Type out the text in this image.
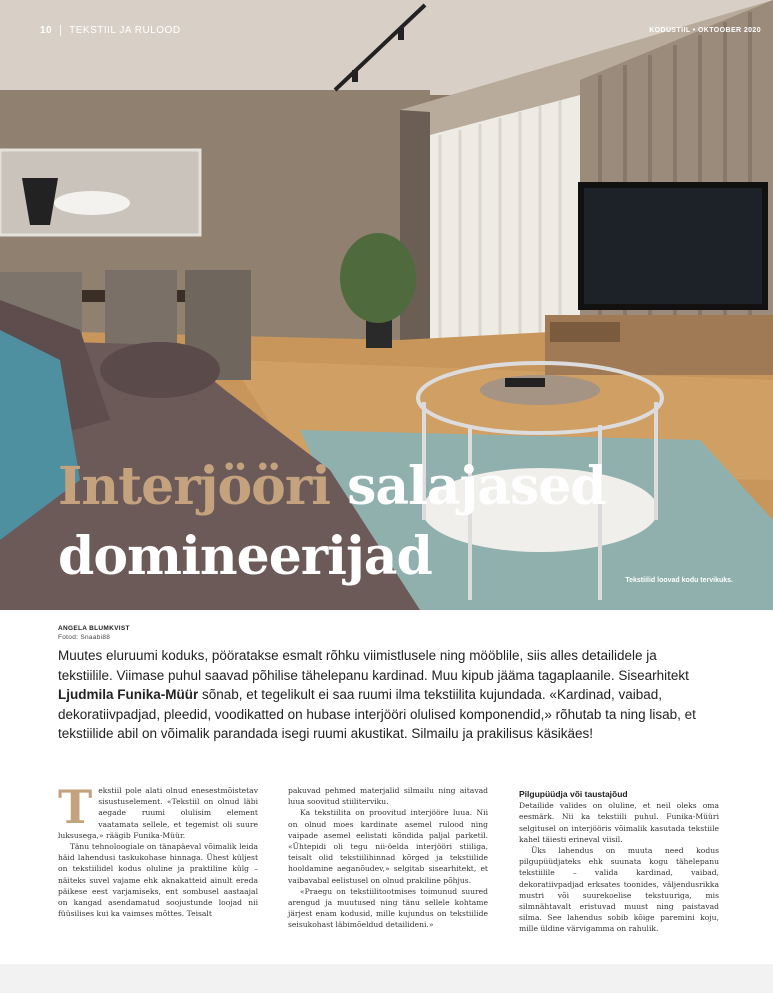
10 TEKSTIIL JA RULOOD	KODUSTIIL • OKTOOBER 2020
Interjööri salajased
domineerijad	Tekstiilid loovad kodu tervikuks.
ANGELA BLUMKVIST
Fotod: Snaabi88
Muutes eluruumi koduks, pööratakse esmalt rõhku viimistlusele ning mööblile, siis alles detailidele ja tekstiilile. Viimase puhul saavad põhilise tähelepanu kardinad. Muu kipub jääma tagaplaanile. Sisearhitekt Ljudmila Funika-Müür sõnab, et tegelikult ei saa ruumi ilma tekstiilita kujundada. «Kardinad, vaibad, dekoratiivpadjad, pleedid, voodikatted on hubase interjööri olulised komponendid,» rõhutab ta ning lisab, et tekstiilide abil on võimalik parandada isegi ruumi akustikat. Silmailu ja prakilisus käsikäes!
T ekstiil pole alati olnud enesestmõistetav sisustuselement. «Tekstiil on olnud läbi aegade ruumi olulisim element vaatamata sellele, et tegemist oli suure luksusega,» räägib Funika-Müür.

Tänu tehnoloogiale on tänapäeval võimalik leida häid lahendusi taskukohase hinnaga. Ühest küljest on tekstiilidel kodus oluline ja praktiline külg – näiteks suvel vajame ehk aknakatteid ainult ereda päikese eest varjamiseks, ent sombusel aastaajal on kangad asendamatud soojustunde loojad nii füüsilises kui ka vaimses mõttes. Teisalt

pakuvad pehmed materjalid silmailu ning aitavad luua soovitud stiiliterviku.

Ka tekstiilita on proovitud interjööre luua. Nii on olnud moes kardinate asemel rulood ning vaipade asemel eelistati kõndida paljal parketil. «Ühtepidi oli tegu nii-öelda interjööri stiiliga, teisalt olid tekstiilihinnad kõrged ja tekstiilide hooldamine aeganõudev,» selgitab sisearhitekt, et vaibavabal eelistusel on olnud prakiline põhjus.

«Praegu on tekstiilitootmises toimunud suured arengud ja muutused ning tänu sellele kohtame järjest enam kodusid, mille kujundus on tekstiilide seisukohast läbimõeldud detailideni.»

Pilgupüüdja või taustajõud

Detailide valides on oluline, et neil oleks oma eesmärk. Nii ka tekstiili puhul. Funika-Müüri selgitusel on interjööris võimalik kasutada tekstiile kahel täiesti erineval viisil.

Üks lahendus on muuta need kodus pilgupüüdjateks ehk suunata kogu tähelepanu tekstiilile – valida kardinad, vaibad, dekoratiivpadjad erksates toonides, väljendusrikka mustri või suurekoelise tekstuuriga, mis silmnähtavalt eristuvad muust ning paistavad silma. See lahendus sobib kõige paremini koju, mille üldine värvigamma on rahulik.
